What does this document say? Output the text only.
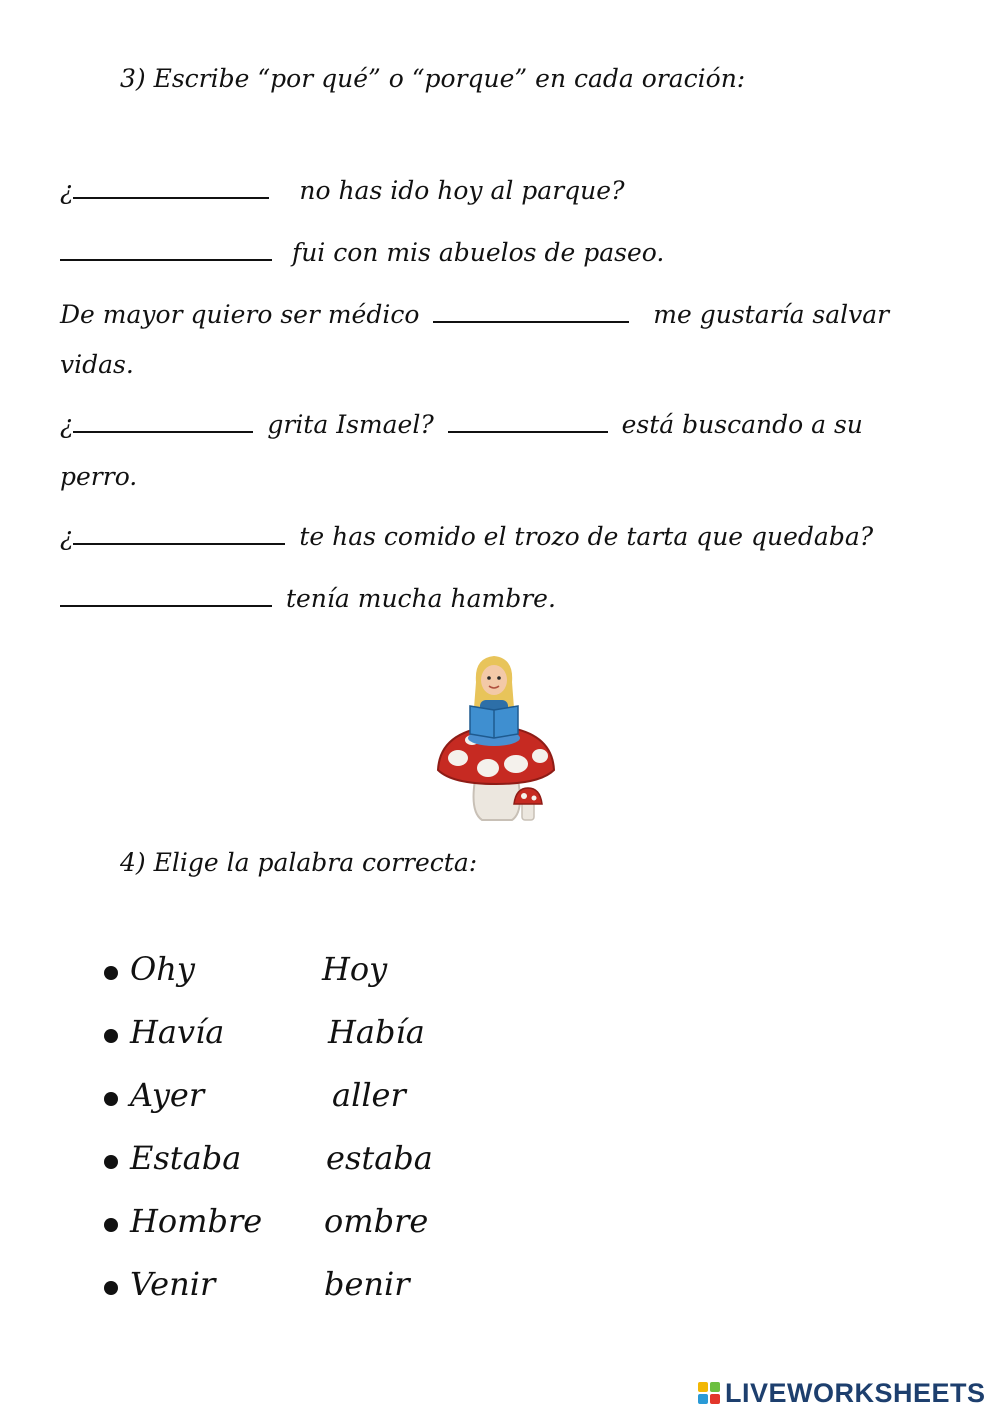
3) Escribe “por qué” o “porque” en cada oración:
¿	no has ido hoy al parque?
fui con mis abuelos de paseo.
De mayor quiero ser médico	me gustaría salvar
vidas.
¿	grita Ismael?	está buscando a su
perro.
¿	te has comido el trozo de tarta que quedaba?
tenía mucha hambre.
4) Elige la palabra correcta:
Ohy	Hoy
Havía	Había
Ayer	aller
Estaba	estaba
Hombre ombre
Venir	benir
LIVEWORKSHEETS
